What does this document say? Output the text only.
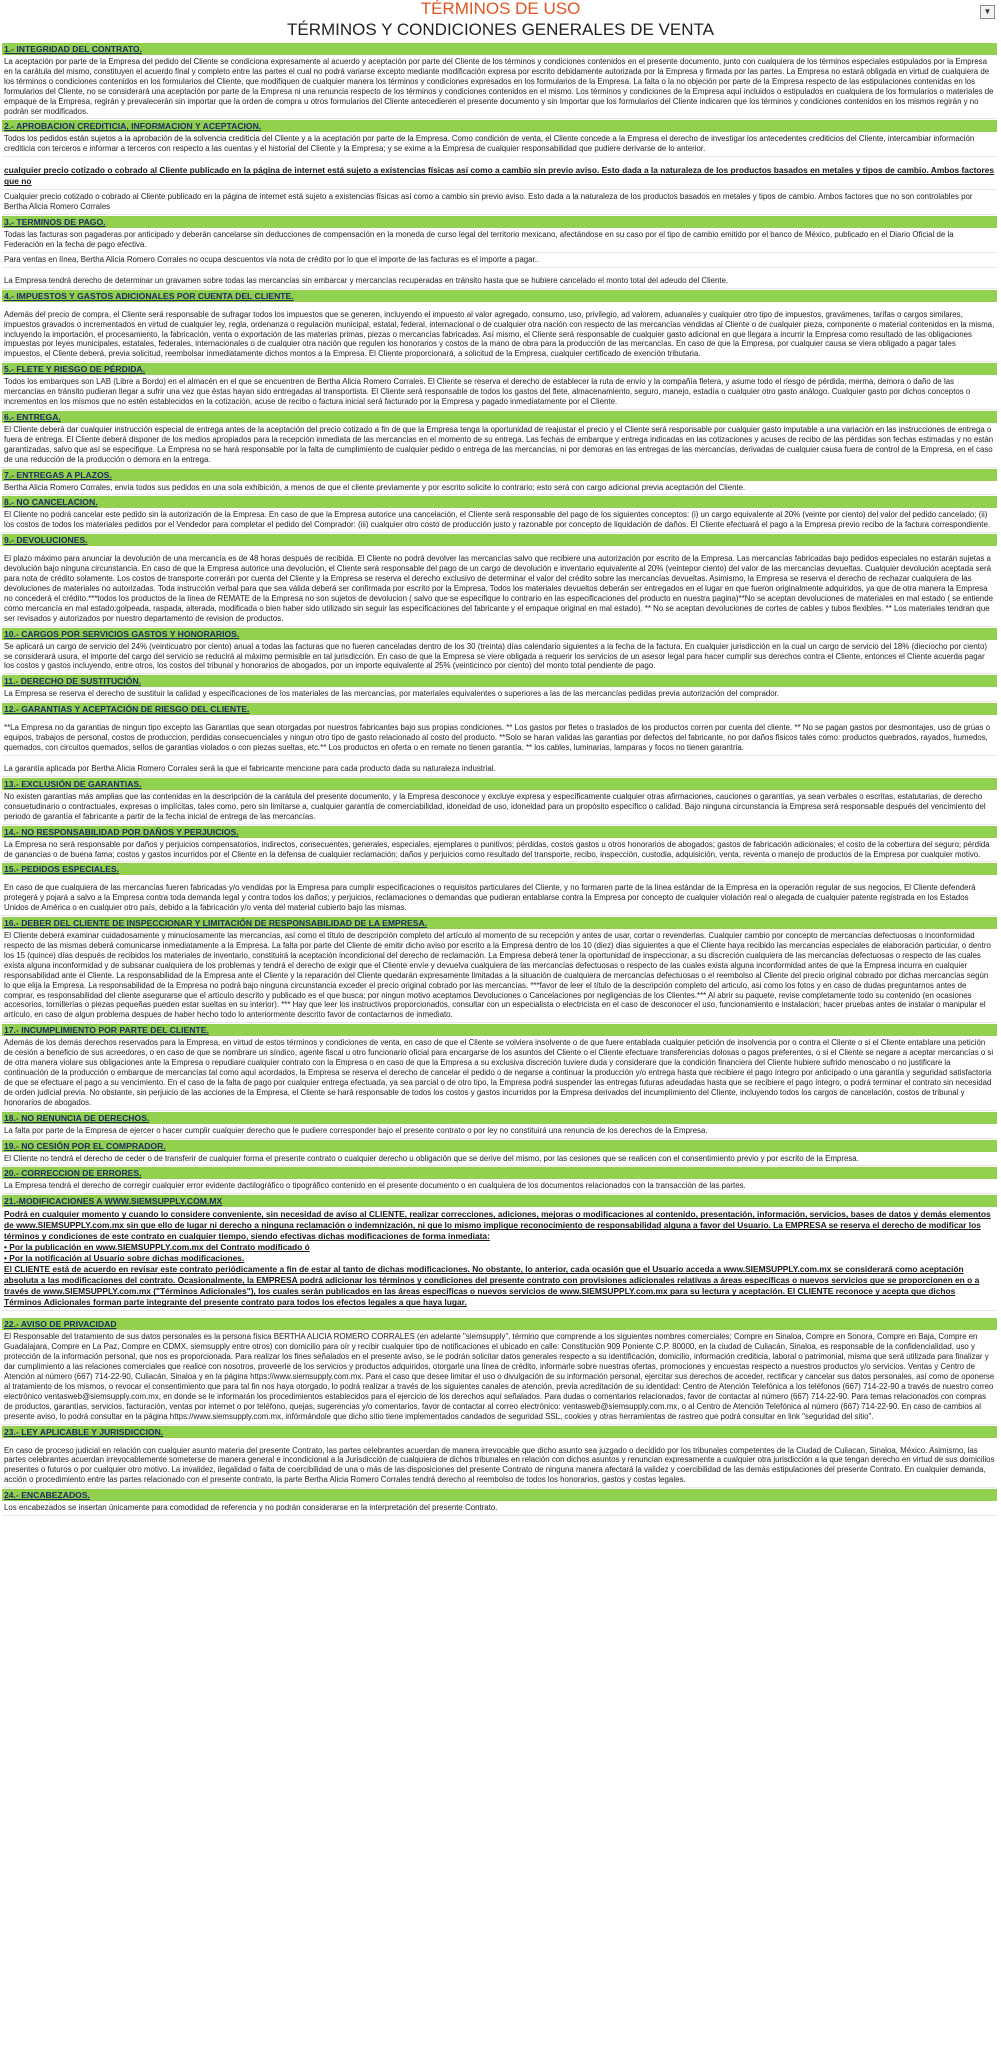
▼
TÉRMINOS DE USO
TÉRMINOS Y CONDICIONES GENERALES DE VENTA
1.- INTEGRIDAD DEL CONTRATO.
La aceptación por parte de la Empresa del pedido del Cliente se condiciona expresamente al acuerdo y aceptación por parte del Cliente de los términos y condiciones contenidos en el presente documento, junto con cualquiera de los términos especiales estipulados por la Empresa en la carátula del mismo, constituyen el acuerdo final y completo entre las partes el cual no podrá variarse excepto mediante modificación expresa por escrito debidamente autorizada por la Empresa y firmada por las partes. La Empresa no estará obligada en virtud de cualquiera de los términos o condiciones contenidos en los formularios del Cliente, que modifiquen de cualquier manera los términos y condiciones expresados en los formularios de la Empresa. La falta o la no objeción por parte de la Empresa respecto de las estipulaciones contenidas en los formularios del Cliente, no se considerará una aceptación por parte de la Empresa ni una renuncia respecto de los términos y condiciones contenidos en el mismo. Los términos y condiciones de la Empresa aquí incluidos o estipulados en cualquiera de los formularios o materiales de empaque de la Empresa, regirán y prevalecerán sin importar que la orden de compra u otros formularios del Cliente antecedieren el presente documento y sin Importar que los formularios del Cliente indicaren que los términos y condiciones contenidos en los mismos regirán y no podrán ser modificados.
2.- APROBACION CREDITICIA, INFORMACION Y ACEPTACION.
Todos los pedidos están sujetos a la aprobación de la solvencia crediticia del Cliente y a la aceptación por parte de la Empresa. Como condición de venta, el Cliente concede a la Empresa el derecho de investigar los antecedentes crediticios del Cliente, intercambiar información crediticia con terceros e informar a terceros con respecto a las cuentas y el historial del Cliente y la Empresa; y se exime a la Empresa de cualquier responsabilidad que pudiere derivarse de lo anterior.
cualquier precio cotizado o cobrado al Cliente publicado en la página de internet está sujeto a existencias físicas así como a cambio sin previo aviso. Esto dada a la naturaleza de los productos basados en metales y tipos de cambio. Ambos factores que no
Cualquier precio cotizado o cobrado al Cliente publicado en la página de internet está sujeto a existencias físicas así como a cambio sin previo aviso. Esto dada a la naturaleza de los productos basados en metales y tipos de cambio. Ambos factores que no son controlables por Bertha Alicia Romero Corrales
3.- TERMINOS DE PAGO.
Todas las facturas son pagaderas por anticipado y deberán cancelarse sin deducciones de compensación en la moneda de curso legal del territorio mexicano, afectándose en su caso por el tipo de cambio emitido por el banco de México, publicado en el Diario Oficial de la Federación en la fecha de pago efectiva.
Para ventas en línea, Bertha Alicia Romero Corrales no ocupa descuentos vía nota de crédito por lo que el importe de las facturas es el importe a pagar..
La Empresa tendrá derecho de determinar un gravamen sobre todas las mercancías sin embarcar y mercancías recuperadas en tránsito hasta que se hubiere cancelado el monto total del adeudo del Cliente.
4.- IMPUESTOS Y GASTOS ADICIONALES POR CUENTA DEL CLIENTE.
Además del precio de compra, el Cliente será responsable de sufragar todos los impuestos que se generen, incluyendo el impuesto al valor agregado, consumo, uso, privilegio, ad valorem, aduanales y cualquier otro tipo de impuestos, gravámenes, tarifas o cargos similares, impuestos gravados o incrementados en virtud de cualquier ley, regla, ordenanza o regulación municipal, estatal, federal, internacional o de cualquier otra nación con respecto de las mercancías vendidas al Cliente o de cualquier pieza, componente o material contenidos en la misma, incluyendo la importación, el procesamiento, la fabricación, venta o exportación de las materias primas, piezas o mercancías fabricadas. Así mismo, el Cliente será responsable de cualquier gasto adicional en que llegara a incurrir la Empresa como resultado de las obligaciones impuestas por leyes municipales, estatales, federales, internacionales o de cualquier otra nación que regulen los honorarios y costos de la mano de obra para la producción de las mercancías. En caso de que la Empresa, por cualquier causa se viera obligado a pagar tales impuestos, el Cliente deberá, previa solicitud, reembolsar inmediatamente dichos montos a la Empresa. El Cliente proporcionará, a solicitud de la Empresa, cualquier certificado de exención tributaria.
5.- FLETE Y RIESGO DE PÉRDIDA.
Todos los embarques son LAB (Libre a Bordo) en el almacén en el que se encuentren de Bertha Alicia Romero Corrales. El Cliente se reserva el derecho de establecer la ruta de envío y la compañía fletera, y asume todo el riesgo de pérdida, merma, demora o daño de las mercancías en tránsito pudieran llegar a sufrir una vez que éstas hayan sido entregadas al transportista. El Cliente será responsable de todos los gastos del flete, almacenamiento, seguro, manejo, estadía o cualquier otro gasto análogo. Cualquier gasto por dichos conceptos o incrementos en los mismos que no estén establecidos en la cotización, acuse de recibo o factura inicial será facturado por la Empresa y pagado inmediatamente por el Cliente.
6.- ENTREGA.
El Cliente deberá dar cualquier instrucción especial de entrega antes de la aceptación del precio cotizado a fin de que la Empresa tenga la oportunidad de reajustar el precio y el Cliente será responsable por cualquier gasto imputable a una variación en las instrucciones de entrega o fuera de entrega. El Cliente deberá disponer de los medios apropiados para la recepción inmediata de las mercancías en el momento de su entrega. Las fechas de embarque y entrega indicadas en las cotizaciones y acuses de recibo de las pérdidas son fechas estimadas y no están garantizadas, salvo que así se especifique. La Empresa no se hará responsable por la falta de cumplimiento de cualquier pedido o entrega de las mercancías, ni por demoras en las entregas de las mercancías, derivadas de cualquier causa fuera de control de la Empresa, en el caso de una reducción de la producción o demora en la entrega.
7.- ENTREGAS A PLAZOS.
Bertha Alicia Romero Corrales, envía todos sus pedidos en una sola exhibición, a menos de que el cliente previamente y por escrito solicite lo contrario; esto será con cargo adicional previa aceptación del Cliente.
8.- NO CANCELACION.
El Cliente no podrá cancelar este pedido sin la autorización de la Empresa. En caso de que la Empresa autorice una cancelación, el Cliente será responsable del pago de los siguientes conceptos: (i) un cargo equivalente al 20% (veinte por ciento) del valor del pedido cancelado; (ii) los costos de todos los materiales pedidos por el Vendedor para completar el pedido del Comprador: (iii) cualquier otro costo de producción justo y razonable por concepto de liquidación de daños. El Cliente efectuará el pago a la Empresa previo recibo de la factura correspondiente.
9.- DEVOLUCIONES.
El plazo máximo para anunciar la devolución de una mercancía es de 48 horas después de recibida. El Cliente no podrá devolver las mercancías salvo que recibiere una autorización por escrito de la Empresa. Las mercancías fabricadas bajo pedidos especiales no estarán sujetas a devolución bajo ninguna circunstancia. En caso de que la Empresa autorice una devolución, el Cliente será responsable del pago de un cargo de devolución e inventario equivalente al 20% (veintepor ciento) del valor de las mercancías devueltas. Cualquier devolución aceptada será para nota de crédito solamente. Los costos de transporte correrán por cuenta del Cliente y la Empresa se reserva el derecho exclusivo de determinar el valor del crédito sobre las mercancías devueltas. Asimismo, la Empresa se reserva el derecho de rechazar cualquiera de las devoluciones de materiales no autorizadas. Toda instrucción verbal para que sea válida deberá ser confirmada por escrito por la Empresa. Todos los materiales devueltos deberán ser entregados en el lugar en que fueron originalmente adquiridos, ya que de otra manera la Empresa no concederá el crédito.***todos los productos de la línea de REMATE de la Empresa no son sujetos de devolucion ( salvo que se especifique lo contrario en las especificaciones del producto en nuestra pagina)**No se aceptan devoluciones de materiales en mal estado ( se entiende como mercancía en mal estado:golpeada, raspada, alterada, modificada o bien haber sido utilizado sin seguir las especificaciones del fabricante y el empaque original en mal estado). ** No se aceptan devoluciones de cortes de cables y tubos flexibles. ** Los materiales tendran que ser revisados y autorizados por nuestro departamento de revision de productos.
10.- CARGOS POR SERVICIOS GASTOS Y HONORARIOS.
Se aplicará un cargo de servicio del 24% (veinticuatro por ciento) anual a todas las facturas que no fueren canceladas dentro de los 30 (treinta) días calendario siguientes a la fecha de la factura. En cualquier jurisdicción en la cual un cargo de servicio del 18% (dieciocho por ciento) se considerará usura, el importe del cargo del servicio se reducirá al máximo permisible en tal jurisdicción. En caso de que la Empresa se viere obligada a requerir los servicios de un asesor legal para hacer cumplir sus derechos contra el Cliente, entonces el Cliente acuerda pagar los costos y gastos incluyendo, entre otros, los costos del tribunal y honorarios de abogados, por un importe equivalente al 25% (veinticinco por ciento) del monto total pendiente de pago.
11.- DERECHO DE SUSTITUCIÓN.
La Empresa se reserva el derecho de sustituir la calidad y especificaciones de los materiales de las mercancías, por materiales equivalentes o superiores a las de las mercancías pedidas previa autorización del comprador.
12.- GARANTIAS Y ACEPTACIÓN DE RIESGO DEL CLIENTE.
**La Empresa no da garantias de ningun tipo excepto las Garantias que sean otorgadas por nuestros fabricantes bajo sus propias condiciones. ** Los gastos por fletes o traslados de los productos corren por cuenta del cliente. ** No se pagan gastos por desmontajes, uso de grúas o equipos, trabajos de personal, costos de produccion, perdidas consecuenciales y ningun otro tipo de gasto relacionado al costo del producto. **Solo se haran validas las garantias por defectos del fabricante, no por daños fisicos tales como: productos quebrados, rayados, humedos, quemados, con circuitos quemados, sellos de garantias violados o con piezas sueltas, etc.** Los productos en oferta o en remate no tienen garantía. ** los cables, luminarias, lamparas y focos no tienen garantria.
La garantía aplicada por Bertha Alicia Romero Corrales será la que el fabricante mencione para cada producto dada su naturaleza industrial.
13.- EXCLUSIÓN DE GARANTIAS.
No existen garantías más amplias que las contenidas en la descripción de la carátula del presente documento, y la Empresa desconoce y excluye expresa y específicamente cualquier otras afirmaciones, cauciones o garantías, ya sean verbales o escritas, estatutarias, de derecho consuetudinario o contractuales, expresas o implícitas, tales como, pero sin limitarse a, cualquier garantía de comerciabilidad, idoneidad de uso, idoneidad para un propósito específico o calidad. Bajo ninguna circunstancia la Empresa será responsable después del vencimiento del periodo de garantía el fabricante a partir de la fecha inicial de entrega de las mercancías.
14.- NO RESPONSABILIDAD POR DAÑOS Y PERJUICIOS.
La Empresa no será responsable por daños y perjuicios compensatorios, indirectos, consecuentes, generales, especiales, ejemplares o punitivos; pérdidas, costos gastos u otros honorarios de abogados; gastos de fabricación adicionales; el costo de la cobertura del seguro; pérdida de ganancias o de buena fama; costos y gastos incurridos por el Cliente en la defensa de cualquier reclamación; daños y perjuicios como resultado del transporte, recibo, inspección, custodia, adquisición, venta, reventa o manejo de productos de la Empresa por cualquier motivo.
15.- PEDIDOS ESPECIALES.
En caso de que cualquiera de las mercancías fueren fabricadas y/o vendidas por la Empresa para cumplir especificaciones o requisitos particulares del Cliente, y no formaren parte de la línea estándar de la Empresa en la operación regular de sus negocios, El Cliente defenderá protegerá y pojará a salvo a la Empresa contra toda demanda legal y contra todos los daños; y perjuicios, reclamaciones o demandas que pudieran entablarse contra la Empresa por concepto de cualquier violación real o alegada de cualquier patente registrada en los Estados Unidos de América o en cualquier otro país, debido a la fabricación y/o venta del material cubierto bajo las mismas.
16.- DEBER DEL CLIENTE DE INSPECCIONAR Y LIMITACIÓN DE RESPONSABILIDAD DE LA EMPRESA.
El Cliente deberá examinar cuidadosamente y minuciosamente las mercancías, así como el título de descripción completo del artículo al momento de su recepción y antes de usar, cortar o revenderlas. Cualquier cambio por concepto de mercancías defectuosas o inconformidad respecto de las mismas deberá comunicarse inmediatamente a la Empresa. La falta por parte del Cliente de emitir dicho aviso por escrito a la Empresa dentro de los 10 (diez) días siguientes a que el Cliente haya recibido las mercancías especiales de elaboración particular, o dentro los 15 (quince) días después de recibidos los materiales de inventario, constituirá la aceptación incondicional del derecho de reclamación. La Empresa deberá tener la oportunidad de inspeccionar, a su discreción cualquiera de las mercancías defectuosas o respecto de las cuales exista alguna inconformidad y de subsanar cualquiera de los problemas y tendrá el derecho de exigir que el Cliente envíe y devuelva cualquiera de las mercancías defectuosas o respecto de las cuales exista alguna inconformidad antes de que la Empresa incurra en cualquier responsabilidad ante el Cliente. La responsabilidad de la Empresa ante el Cliente y la reparación del Cliente quedarán expresamente limitadas a la situación de cualquiera de mercancías defectuosas o el reembolso al Cliente del precio original cobrado por dichas mercancías según lo que elija la Empresa. La responsabilidad de la Empresa no podrá bajo ninguna circunstancia exceder el precio original cobrado por las mercancías. ***favor de leer el título de la descripción completo del articulo, asi como los fotos y en caso de dudas preguntarnos antes de comprar, es responsabilidad del cliente asegurarse que el artículo descrito y publicado es el que busca; por ningun motivo aceptamos Devoluciones o Cancelaciones por negligencias de los Clientes.*** Al abrir su paquete, revise completamente todo su contenido (en ocasiones accesorios, tornillerías o piezas pequeñas pueden estar sueltas en su interior). *** Hay que leer los instructivos proporcionados, consultar con un especialista o electricista en el caso de desconocer el uso, funcionamiento e instalacion; hacer pruebas antes de instalar o manipular el artículo, en caso de algun problema despues de haber hecho todo lo anteriormente descrito favor de contactarnos de inmediato.
17.- INCUMPLIMIENTO POR PARTE DEL CLIENTE.
Además de los demás derechos reservados para la Empresa, en virtud de estos términos y condiciones de venta, en caso de que el Cliente se volviera insolvente o de que fuere entablada cualquier petición de insolvencia por o contra el Cliente o si el Cliente entablare una petición de cesión a beneficio de sus acreedores, o en caso de que se nombrare un síndico, agente fiscal u otro funcionario oficial para encargarse de los asuntos del Cliente o el Cliente efectuare transferencias dolosas o pagos preferentes, o si el Cliente se negare a aceptar mercancías o si de otra manera violare sus obligaciones ante la Empresa o repudiare cualquier contrato con la Empresa o en caso de que la Empresa a su exclusiva discreción tuviere duda y considerare que la condición financiera del Cliente hubiere sufrido menoscabo o no justificare la continuación de la producción o embarque de mercancías tal como aquí acordados, la Empresa se reserva el derecho de cancelar el pedido o de negarse a continuar la producción y/o entrega hasta que recibiere el pago íntegro por anticipado o una garantía y seguridad satisfactoria de que se efectuare el pago a su vencimiento. En el caso de la falta de pago por cualquier entrega efectuada, ya sea parcial o de otro tipo, la Empresa podrá suspender las entregas futuras adeudadas hasta que se recibiere el pago íntegro, o podrá terminar el contrato sin necesidad de orden judicial previa. No obstante, sin perjuicio de las acciones de la Empresa, el Cliente se hará responsable de todos los costos y gastos incurridos por la Empresa derivados del incumplimiento del Cliente, incluyendo todos los cargos de cancelación, costos de tribunal y honorarios de abogados.
18.- NO RENUNCIA DE DERECHOS.
La falta por parte de la Empresa de ejercer o hacer cumplir cualquier derecho que le pudiere corresponder bajo el presente contrato o por ley no constituirá una renuncia de los derechos de la Empresa.
19.- NO CESIÓN POR EL COMPRADOR.
El Cliente no tendrá el derecho de ceder o de transferir de cualquier forma el presente contrato o cualquier derecho u obligación que se derive del mismo, por las cesiones que se realicen con el consentimiento previo y por escrito de la Empresa.
20.- CORRECCION DE ERRORES.
La Empresa tendrá el derecho de corregir cualquier error evidente dactilográfico o tipográfico contenido en el presente documento o en cualquiera de los documentos relacionados con la transacción de las partes.
21.-MODIFICACIONES A WWW.SIEMSUPPLY.COM.MX
Podrá en cualquier momento y cuando lo considere conveniente, sin necesidad de aviso al CLIENTE, realizar correcciones, adiciones, mejoras o modificaciones al contenido, presentación, información, servicios, bases de datos y demás elementos de www.SIEMSUPPLY.com.mx sin que ello de lugar ni derecho a ninguna reclamación o indemnización, ni que lo mismo implique reconocimiento de responsabilidad alguna a favor del Usuario. La EMPRESA se reserva el derecho de modificar los términos y condiciones de este contrato en cualquier tiempo, siendo efectivas dichas modificaciones de forma inmediata:
• Por la publicación en www.SIEMSUPPLY.com.mx del Contrato modificado ó
• Por la notificación al Usuario sobre dichas modificaciones.
El CLIENTE está de acuerdo en revisar este contrato periódicamente a fin de estar al tanto de dichas modificaciones. No obstante, lo anterior, cada ocasión que el Usuario acceda a www.SIEMSUPPLY.com.mx se considerará como aceptación absoluta a las modificaciones del contrato. Ocasionalmente, la EMPRESA podrá adicionar los términos y condiciones del presente contrato con provisiones adicionales relativas a áreas específicas o nuevos servicios que se proporcionen en o a través de www.SIEMSUPPLY.com.mx ("Términos Adicionales"), los cuales serán publicados en las áreas específicas o nuevos servicios de www.SIEMSUPPLY.com.mx para su lectura y aceptación. El CLIENTE reconoce y acepta que dichos Términos Adicionales forman parte integrante del presente contrato para todos los efectos legales a que haya lugar.
22.- AVISO DE PRIVACIDAD
El Responsable del tratamiento de sus datos personales es la persona física BERTHA ALICIA ROMERO CORRALES (en adelante "siemsupply", término que comprende a los siguientes nombres comerciales; Compre en Sinaloa, Compre en Sonora, Compre en Baja, Compre en Guadalajara, Compre en La Paz, Compre en CDMX, siemsupply entre otros) con domicilio para oír y recibir cualquier tipo de notificaciones el ubicado en calle: Constitución 909 Poniente C.P. 80000, en la ciudad de Culiacán, Sinaloa, es responsable de la confidencialidad, uso y protección de la información personal, que nos es proporcionada. Para realizar los fines señalados en el presente aviso, se le podrán solicitar datos generales respecto a su identificación, domicilio, información crediticia, laboral o patrimonial, misma que será utilizada para finalizar y dar cumplimiento a las relaciones comerciales que realice con nosotros, proveerle de los servicios y productos adquiridos, otorgarle una línea de crédito, informarle sobre nuestras ofertas, promociones y encuestas respecto a nuestros productos y/o servicios. Ventas y Centro de Atención al número (667) 714-22-90, Culiacán, Sinaloa y en la página https://www.siemsupply.com.mx. Para el caso que desee limitar el uso o divulgación de su información personal, ejercitar sus derechos de acceder, rectificar y cancelar sus datos personales, así como de oponerse al tratamiento de los mismos, o revocar el consentimiento que para tal fin nos haya otorgado, lo podrá realizar a través de los siguientes canales de atención, previa acreditación de su identidad: Centro de Atención Telefónica a los teléfonos (667) 714-22-90 a través de nuestro correo electrónico ventasweb@siemsupply.com.mx, en donde se le informarán los procedimientos establecidos para el ejercicio de los derechos aquí señalados. Para dudas o comentarios relacionados, favor de contactar al número (667) 714-22-90. Para temas relacionados con compras de productos, garantías, servicios, facturación, ventas por internet o por teléfono, quejas, sugerencias y/o comentarios, favor de contactar al correo electrónico: ventasweb@siemsupply.com.mx, o al Centro de Atención Telefónica al número (667) 714-22-90. En caso de cambios al presente aviso, lo podrá consultar en la página https://www.siemsupply.com.mx, infórmándole que dicho sitio tiene implementados candados de seguridad SSL, cookies y otras herramientas de rastreo que podrá consultar en link "seguridad del sitio".
23.- LEY APLICABLE Y JURISDICCION.
En caso de proceso judicial en relación con cualquier asunto materia del presente Contrato, las partes celebrantes acuerdan de manera irrevocable que dicho asunto sea juzgado o decidido por los tribunales competentes de la Ciudad de Culiacan, Sinaloa, México. Asimismo, las partes celebrantes acuerdan irrevocablemente someterse de manera general e incondicional a la Jurisdicción de cualquiera de dichos tribunales en relación con dichos asuntos y renuncian expresamente a cualquier otra jurisdicción a la que tengan derecho en virtud de sus domicilios presentes o futuros o por cualquier otro motivo. La invalidez, ilegalidad o falta de coercibilidad de una o más de las disposiciones del presente Contrato de ninguna manera afectará la validez y coercibilidad de las demás estipulaciones del presente Contrato. En cualquier demanda, acción o procedimiento entre las partes relacionado con el presente contrato, la parte Bertha Alicia Romero Corrales tendrá derecho al reembolso de todos los honorarios, gastos y costas legales.
24.- ENCABEZADOS.
Los encabezados se insertan únicamente para comodidad de referencia y no podrán considerarse en la interpretación del presente Contrato.
